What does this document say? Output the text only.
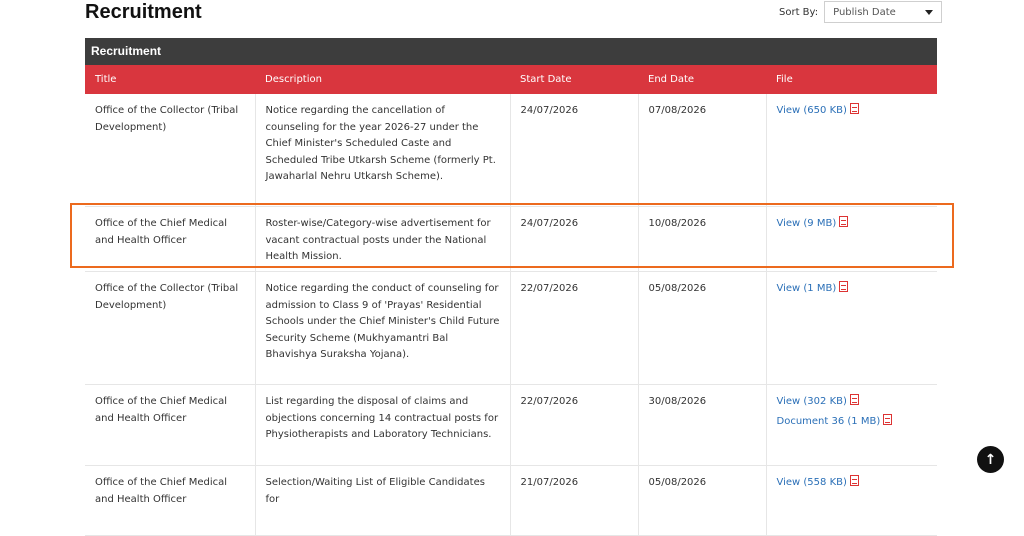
Recruitment	Sort By: Publish Date
Recruitment
Title	Description	Start Date	End Date	File
Office of the Collector (Tribal Development)	Notice regarding the cancellation of counseling for the year 2026-27 under the Chief Minister's Scheduled Caste and Scheduled Tribe Utkarsh Scheme (formerly Pt. Jawaharlal Nehru Utkarsh Scheme).	24/07/2026	07/08/2026	View (650 KB)

Office of the Chief Medical and Health Officer	Roster-wise/Category-wise advertisement for vacant contractual posts under the National Health Mission.	24/07/2026	10/08/2026	View (9 MB)

Office of the Collector (Tribal Development)	Notice regarding the conduct of counseling for admission to Class 9 of 'Prayas' Residential Schools under the Chief Minister's Child Future Security Scheme (Mukhyamantri Bal Bhavishya Suraksha Yojana).	22/07/2026	05/08/2026	View (1 MB)

Office of the Chief Medical and Health Officer	List regarding the disposal of claims and objections concerning 14 contractual posts for Physiotherapists and Laboratory Technicians.	22/07/2026	30/08/2026	View (302 KB)
Document 36 (1 MB)

Office of the Chief Medical and Health Officer	Selection/Waiting List of Eligible Candidates for	21/07/2026	05/08/2026	View (558 KB)
↑
